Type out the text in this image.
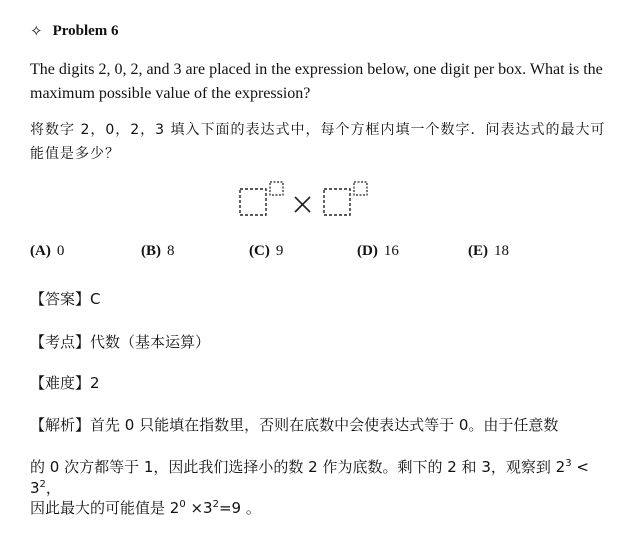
✧ Problem 6
The digits 2, 0, 2, and 3 are placed in the expression below, one digit per box. What is the maximum possible value of the expression?
将数字 2，0，2，3 填入下面的表达式中，每个方框内填一个数字．问表达式的最大可能值是多少？
(A) 0	(B) 8	(C) 9	(D) 16	(E) 18
【答案】C
【考点】代数（基本运算）
【难度】2
【解析】首先 0 只能填在指数里，否则在底数中会使表达式等于 0。由于任意数
的 0 次方都等于 1，因此我们选择小的数 2 作为底数。剩下的 2 和 3，观察到 $2^3 < 3^2$，
因此最大的可能值是 $2^0 \times 3^2=9$ 。
